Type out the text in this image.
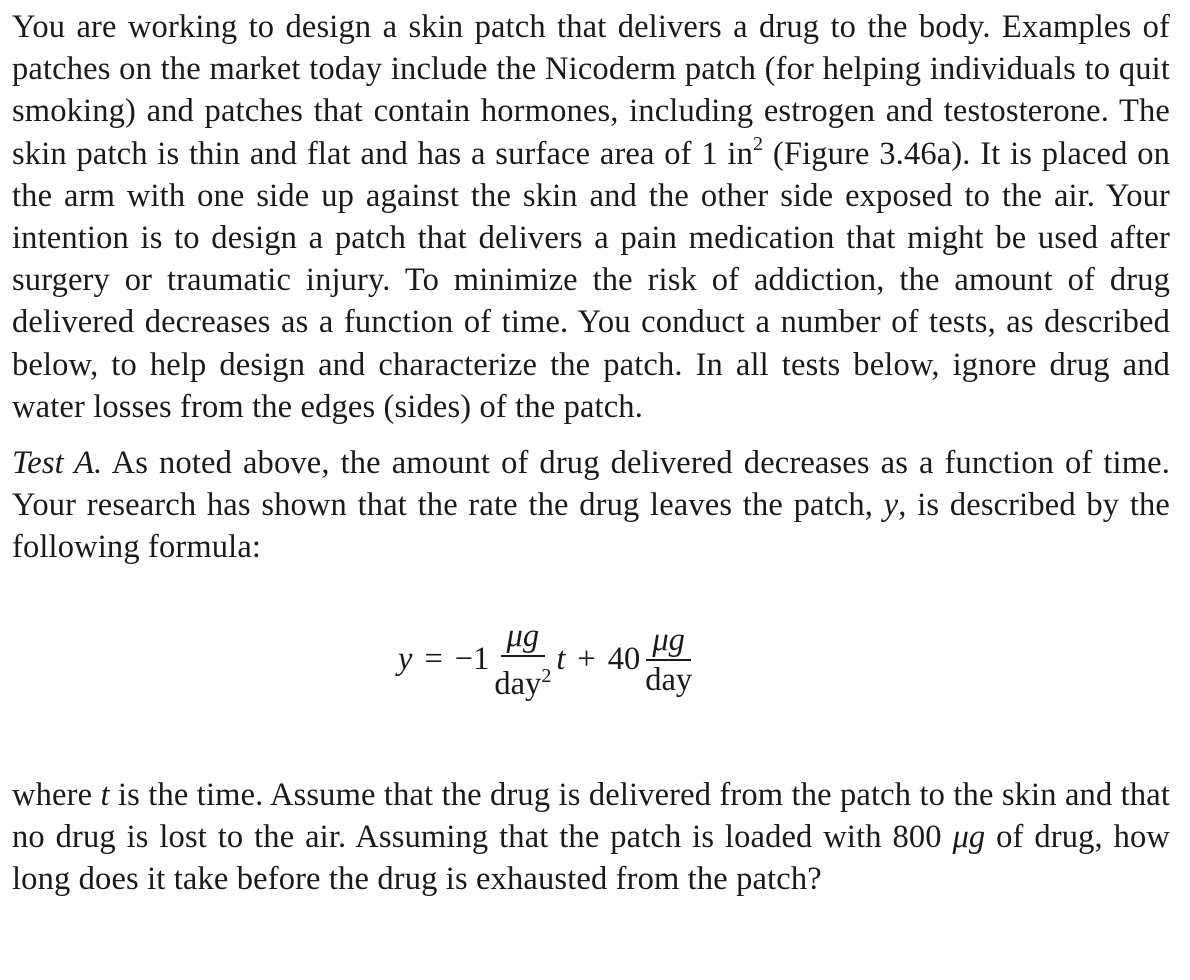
You are working to design a skin patch that delivers a drug to the body. Examples of patches on the market today include the Nicoderm patch (for helping individuals to quit smoking) and patches that contain hormones, including estrogen and testosterone. The skin patch is thin and flat and has a surface area of 1 $in^2$ (Figure 3.46a). It is placed on the arm with one side up against the skin and the other side exposed to the air. Your intention is to design a patch that delivers a pain medication that might be used after surgery or traumatic injury. To minimize the risk of addiction, the amount of drug delivered decreases as a function of time. You conduct a number of tests, as described below, to help design and characterize the patch. In all tests below, ignore drug and water losses from the edges (sides) of the patch.

Test A. As noted above, the amount of drug delivered decreases as a function of time. Your research has shown that the rate the drug leaves the patch, y, is described by the following formula:

$y = -1 \frac{\mu g}{day^2}$ $t + 40 \frac{\mu g}{\text{day}}$

where t is the time. Assume that the drug is delivered from the patch to the skin and that no drug is lost to the air. Assuming that the patch is loaded with 800 μg of drug, how long does it take before the drug is exhausted from the patch?
